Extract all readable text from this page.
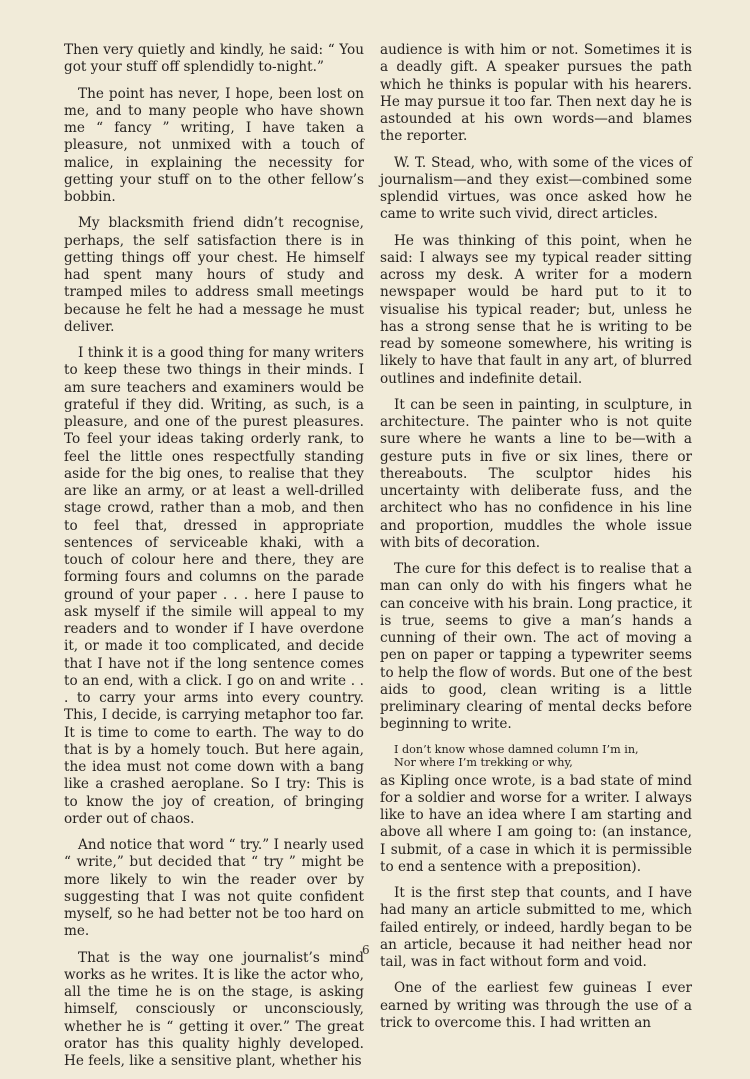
Then very quietly and kindly, he said: “ You got your stuff off splendidly to-night.”

The point has never, I hope, been lost on me, and to many people who have shown me “ fancy ” writing, I have taken a pleasure, not unmixed with a touch of malice, in explaining the necessity for getting your stuff on to the other fellow’s bobbin.

My blacksmith friend didn’t recognise, perhaps, the self satisfaction there is in getting things off your chest. He himself had spent many hours of study and tramped miles to address small meetings because he felt he had a message he must deliver.

I think it is a good thing for many writers to keep these two things in their minds. I am sure teachers and examiners would be grateful if they did. Writing, as such, is a pleasure, and one of the purest pleasures. To feel your ideas taking orderly rank, to feel the little ones respectfully standing aside for the big ones, to realise that they are like an army, or at least a well-drilled stage crowd, rather than a mob, and then to feel that, dressed in appropriate sentences of serviceable khaki, with a touch of colour here and there, they are forming fours and columns on the parade ground of your paper . . . here I pause to ask myself if the simile will appeal to my readers and to wonder if I have overdone it, or made it too complicated, and decide that I have not if the long sentence comes to an end, with a click. I go on and write . . . to carry your arms into every country. This, I decide, is carrying metaphor too far. It is time to come to earth. The way to do that is by a homely touch. But here again, the idea must not come down with a bang like a crashed aeroplane. So I try: This is to know the joy of creation, of bringing order out of chaos.

And notice that word “ try.” I nearly used “ write,” but decided that “ try ” might be more likely to win the reader over by suggesting that I was not quite confident myself, so he had better not be too hard on me.

That is the way one journalist’s mind works as he writes. It is like the actor who, all the time he is on the stage, is asking himself, consciously or unconsciously, whether he is “ getting it over.” The great orator has this quality highly developed. He feels, like a sensitive plant, whether his

audience is with him or not. Sometimes it is a deadly gift. A speaker pursues the path which he thinks is popular with his hearers. He may pursue it too far. Then next day he is astounded at his own words—and blames the reporter.

W. T. Stead, who, with some of the vices of journalism—and they exist—combined some splendid virtues, was once asked how he came to write such vivid, direct articles.

He was thinking of this point, when he said: I always see my typical reader sitting across my desk. A writer for a modern newspaper would be hard put to it to visualise his typical reader; but, unless he has a strong sense that he is writing to be read by someone somewhere, his writing is likely to have that fault in any art, of blurred outlines and indefinite detail.

It can be seen in painting, in sculpture, in architecture. The painter who is not quite sure where he wants a line to be—with a gesture puts in five or six lines, there or thereabouts. The sculptor hides his uncertainty with deliberate fuss, and the architect who has no confidence in his line and proportion, muddles the whole issue with bits of decoration.

The cure for this defect is to realise that a man can only do with his fingers what he can conceive with his brain. Long practice, it is true, seems to give a man’s hands a cunning of their own. The act of moving a pen on paper or tapping a typewriter seems to help the flow of words. But one of the best aids to good, clean writing is a little preliminary clearing of mental decks before beginning to write.

I don’t know whose damned column I’m in,
Nor where I’m trekking or why,

as Kipling once wrote, is a bad state of mind for a soldier and worse for a writer. I always like to have an idea where I am starting and above all where I am going to: (an instance, I submit, of a case in which it is permissible to end a sentence with a preposition).

It is the first step that counts, and I have had many an article submitted to me, which failed entirely, or indeed, hardly began to be an article, because it had neither head nor tail, was in fact without form and void.

One of the earliest few guineas I ever earned by writing was through the use of a trick to overcome this. I had written an

6
